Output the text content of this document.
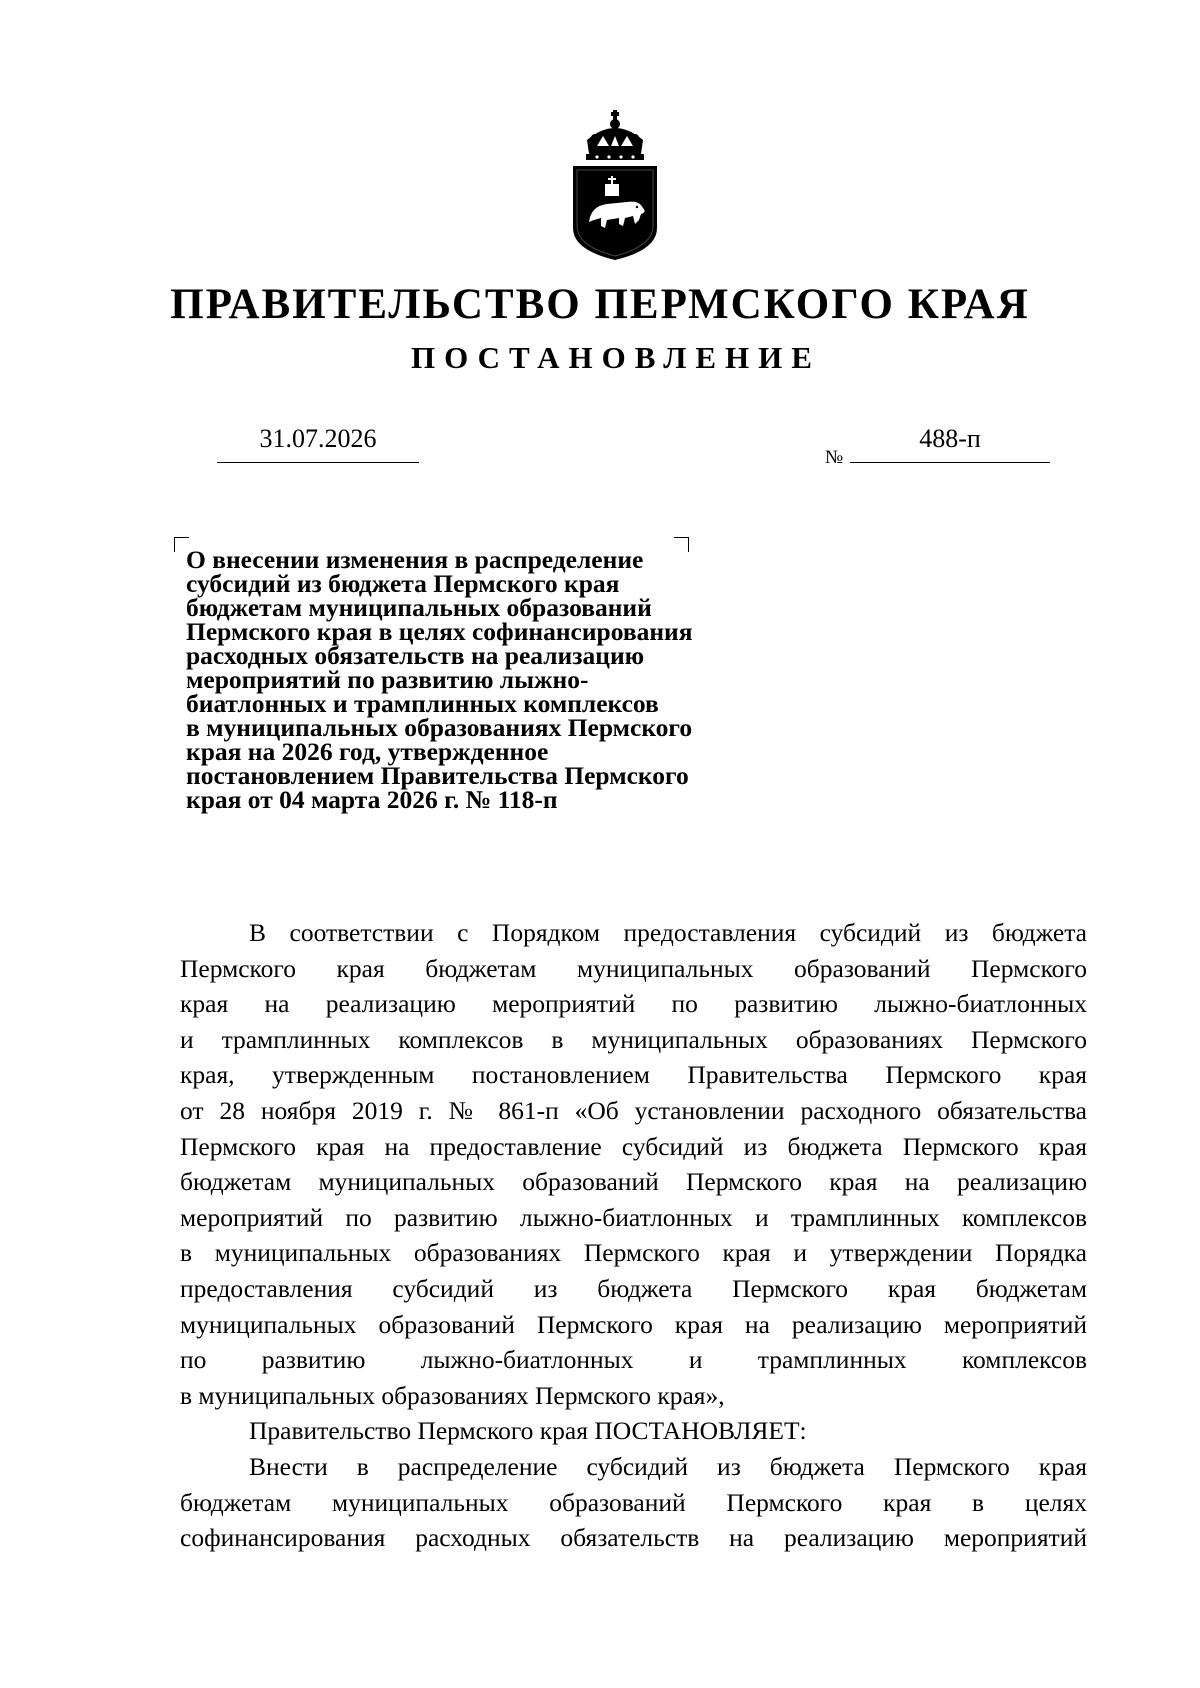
ПРАВИТЕЛЬСТВО ПЕРМСКОГО КРАЯ
ПОСТАНОВЛЕНИЕ
31.07.2026
№
488-п
О внесении изменения в распределение
субсидий из бюджета Пермского края
бюджетам муниципальных образований
Пермского края в целях софинансирования
расходных обязательств на реализацию
мероприятий по развитию лыжно-
биатлонных и трамплинных комплексов
в муниципальных образованиях Пермского
края на 2026 год, утвержденное
постановлением Правительства Пермского
края от 04 марта 2026 г. № 118-п
В соответствии с Порядком предоставления субсидий из бюджета
Пермского края бюджетам муниципальных образований Пермского
края на реализацию мероприятий по развитию лыжно-биатлонных
и трамплинных комплексов в муниципальных образованиях Пермского
края, утвержденным постановлением Правительства Пермского края
от 28 ноября 2019 г. № 861-п «Об установлении расходного обязательства
Пермского края на предоставление субсидий из бюджета Пермского края
бюджетам муниципальных образований Пермского края на реализацию
мероприятий по развитию лыжно-биатлонных и трамплинных комплексов
в муниципальных образованиях Пермского края и утверждении Порядка
предоставления субсидий из бюджета Пермского края бюджетам
муниципальных образований Пермского края на реализацию мероприятий
по развитию лыжно-биатлонных и трамплинных комплексов
в муниципальных образованиях Пермского края»,
Правительство Пермского края ПОСТАНОВЛЯЕТ:
Внести в распределение субсидий из бюджета Пермского края
бюджетам муниципальных образований Пермского края в целях
софинансирования расходных обязательств на реализацию мероприятий
